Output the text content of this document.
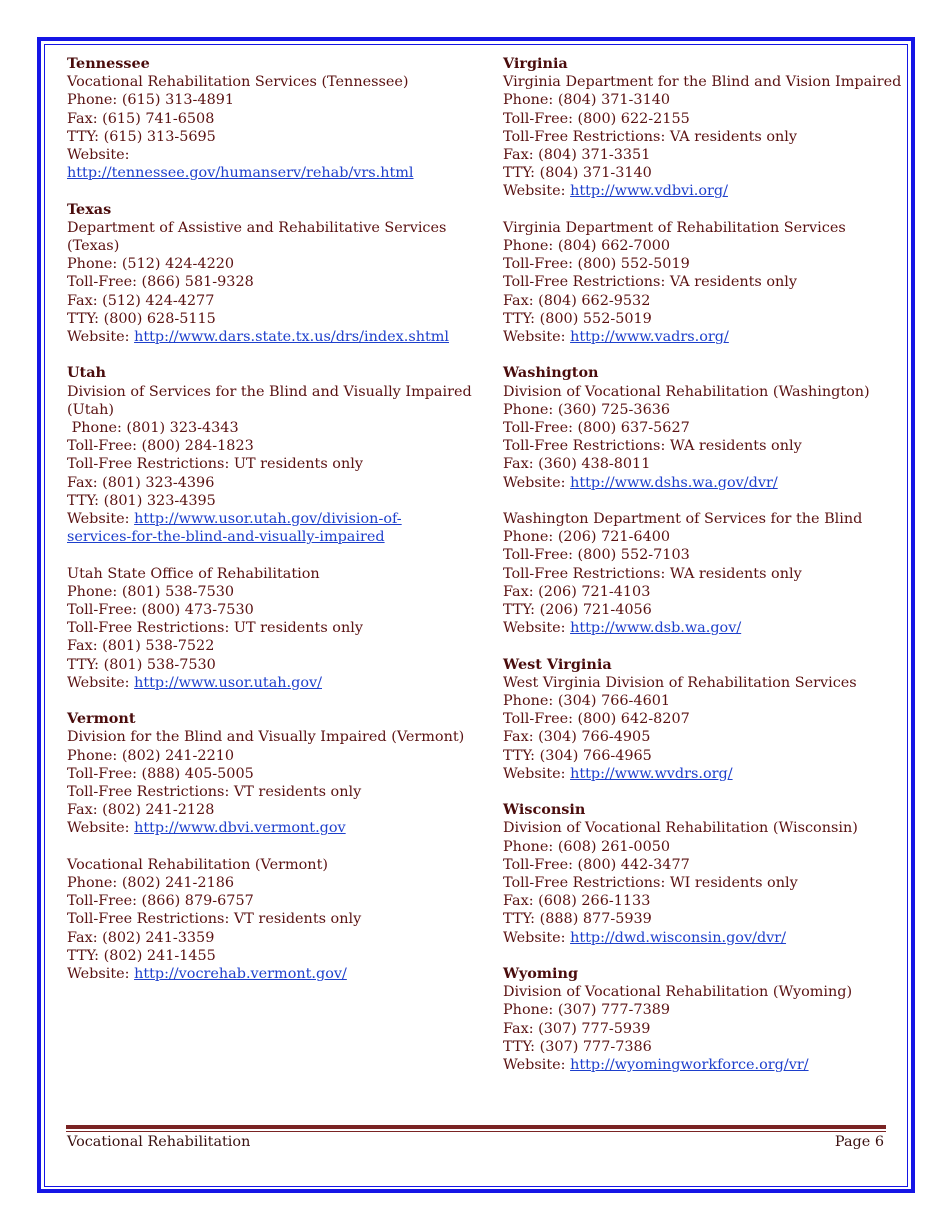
Tennessee
Vocational Rehabilitation Services (Tennessee)
Phone: (615) 313-4891
Fax: (615) 741-6508
TTY: (615) 313-5695
Website:
http://tennessee.gov/humanserv/rehab/vrs.html
Texas
Department of Assistive and Rehabilitative Services
(Texas)
Phone: (512) 424-4220
Toll-Free: (866) 581-9328
Fax: (512) 424-4277
TTY: (800) 628-5115
Website: http://www.dars.state.tx.us/drs/index.shtml
Utah
Division of Services for the Blind and Visually Impaired
(Utah)
Phone: (801) 323-4343
Toll-Free: (800) 284-1823
Toll-Free Restrictions: UT residents only
Fax: (801) 323-4396
TTY: (801) 323-4395
Website: http://www.usor.utah.gov/division-of-
services-for-the-blind-and-visually-impaired
Utah State Office of Rehabilitation
Phone: (801) 538-7530
Toll-Free: (800) 473-7530
Toll-Free Restrictions: UT residents only
Fax: (801) 538-7522
TTY: (801) 538-7530
Website: http://www.usor.utah.gov/
Vermont
Division for the Blind and Visually Impaired (Vermont)
Phone: (802) 241-2210
Toll-Free: (888) 405-5005
Toll-Free Restrictions: VT residents only
Fax: (802) 241-2128
Website: http://www.dbvi.vermont.gov
Vocational Rehabilitation (Vermont)
Phone: (802) 241-2186
Toll-Free: (866) 879-6757
Toll-Free Restrictions: VT residents only
Fax: (802) 241-3359
TTY: (802) 241-1455
Website: http://vocrehab.vermont.gov/
Virginia
Virginia Department for the Blind and Vision Impaired
Phone: (804) 371-3140
Toll-Free: (800) 622-2155
Toll-Free Restrictions: VA residents only
Fax: (804) 371-3351
TTY: (804) 371-3140
Website: http://www.vdbvi.org/
Virginia Department of Rehabilitation Services
Phone: (804) 662-7000
Toll-Free: (800) 552-5019
Toll-Free Restrictions: VA residents only
Fax: (804) 662-9532
TTY: (800) 552-5019
Website: http://www.vadrs.org/
Washington
Division of Vocational Rehabilitation (Washington)
Phone: (360) 725-3636
Toll-Free: (800) 637-5627
Toll-Free Restrictions: WA residents only
Fax: (360) 438-8011
Website: http://www.dshs.wa.gov/dvr/
Washington Department of Services for the Blind
Phone: (206) 721-6400
Toll-Free: (800) 552-7103
Toll-Free Restrictions: WA residents only
Fax: (206) 721-4103
TTY: (206) 721-4056
Website: http://www.dsb.wa.gov/
West Virginia
West Virginia Division of Rehabilitation Services
Phone: (304) 766-4601
Toll-Free: (800) 642-8207
Fax: (304) 766-4905
TTY: (304) 766-4965
Website: http://www.wvdrs.org/
Wisconsin
Division of Vocational Rehabilitation (Wisconsin)
Phone: (608) 261-0050
Toll-Free: (800) 442-3477
Toll-Free Restrictions: WI residents only
Fax: (608) 266-1133
TTY: (888) 877-5939
Website: http://dwd.wisconsin.gov/dvr/
Wyoming
Division of Vocational Rehabilitation (Wyoming)
Phone: (307) 777-7389
Fax: (307) 777-5939
TTY: (307) 777-7386
Website: http://wyomingworkforce.org/vr/
Vocational Rehabilitation	Page 6
